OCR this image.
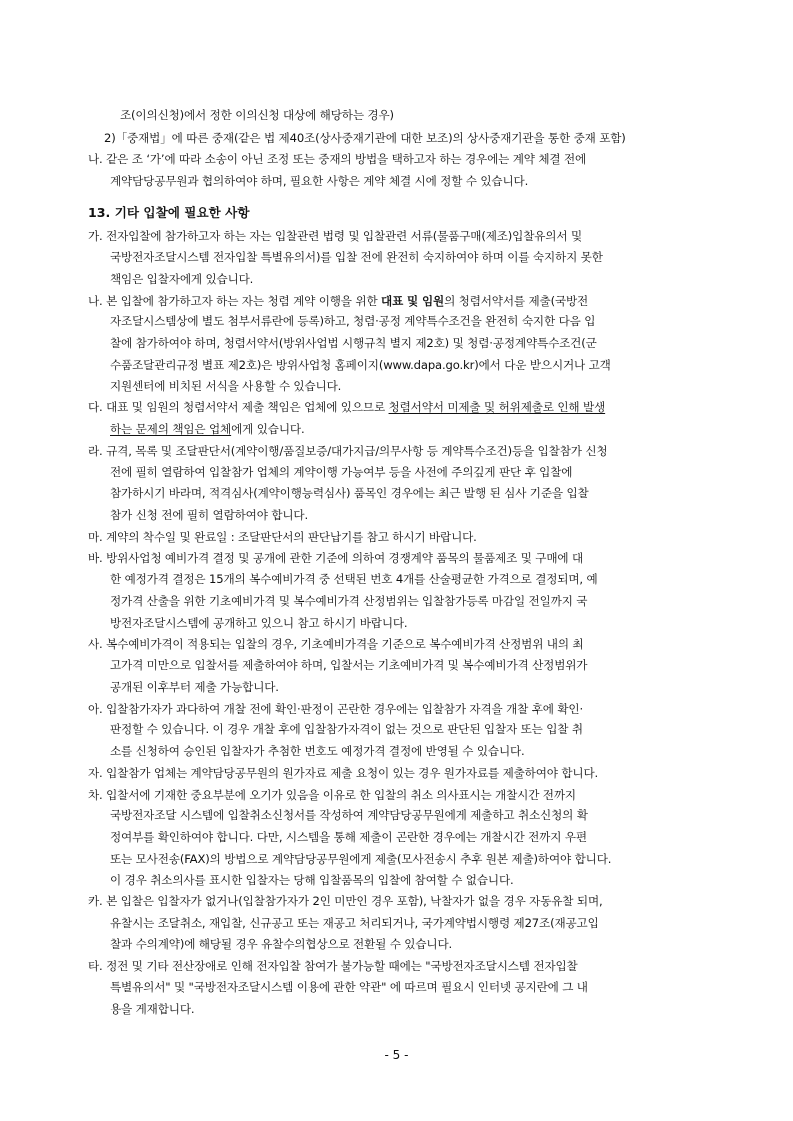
조(이의신청)에서 정한 이의신청 대상에 해당하는 경우)
2)「중재법」에 따른 중재(같은 법 제40조(상사중재기관에 대한 보조)의 상사중재기관을 통한 중재 포함)
나. 같은 조 ‘가’에 따라 소송이 아닌 조정 또는 중재의 방법을 택하고자 하는 경우에는 계약 체결 전에
계약담당공무원과 협의하여야 하며, 필요한 사항은 계약 체결 시에 정할 수 있습니다.
13. 기타 입찰에 필요한 사항
가. 전자입찰에 참가하고자 하는 자는 입찰관련 법령 및 입찰관련 서류(물품구매(제조)입찰유의서 및
국방전자조달시스템 전자입찰 특별유의서)를 입찰 전에 완전히 숙지하여야 하며 이를 숙지하지 못한
책임은 입찰자에게 있습니다.
나. 본 입찰에 참가하고자 하는 자는 청렴 계약 이행을 위한 대표 및 임원의 청렴서약서를 제출(국방전
자조달시스템상에 별도 첨부서류란에 등록)하고, 청렴·공정 계약특수조건을 완전히 숙지한 다음 입
찰에 참가하여야 하며, 청렴서약서(방위사업법 시행규칙 별지 제2호) 및 청렴·공정계약특수조건(군
수품조달관리규정 별표 제2호)은 방위사업청 홈페이지(www.dapa.go.kr)에서 다운 받으시거나 고객
지원센터에 비치된 서식을 사용할 수 있습니다.
다. 대표 및 임원의 청렴서약서 제출 책임은 업체에 있으므로 청렴서약서 미제출 및 허위제출로 인해 발생
하는 문제의 책임은 업체에게 있습니다.
라. 규격, 목록 및 조달판단서(계약이행/품질보증/대가지급/의무사항 등 계약특수조건)등을 입찰참가 신청
전에 필히 열람하여 입찰참가 업체의 계약이행 가능여부 등을 사전에 주의깊게 판단 후 입찰에
참가하시기 바라며, 적격심사(계약이행능력심사) 품목인 경우에는 최근 발행 된 심사 기준을 입찰
참가 신청 전에 필히 열람하여야 합니다.
마. 계약의 착수일 및 완료일 : 조달판단서의 판단납기를 참고 하시기 바랍니다.
바. 방위사업청 예비가격 결정 및 공개에 관한 기준에 의하여 경쟁계약 품목의 물품제조 및 구매에 대
한 예정가격 결정은 15개의 복수예비가격 중 선택된 번호 4개를 산술평균한 가격으로 결정되며, 예
정가격 산출을 위한 기초예비가격 및 복수예비가격 산정범위는 입찰참가등록 마감일 전일까지 국
방전자조달시스템에 공개하고 있으니 참고 하시기 바랍니다.
사. 복수예비가격이 적용되는 입찰의 경우, 기초예비가격을 기준으로 복수예비가격 산정범위 내의 최
고가격 미만으로 입찰서를 제출하여야 하며, 입찰서는 기초예비가격 및 복수예비가격 산정범위가
공개된 이후부터 제출 가능합니다.
아. 입찰참가자가 과다하여 개찰 전에 확인·판정이 곤란한 경우에는 입찰참가 자격을 개찰 후에 확인·
판정할 수 있습니다. 이 경우 개찰 후에 입찰참가자격이 없는 것으로 판단된 입찰자 또는 입찰 취
소를 신청하여 승인된 입찰자가 추첨한 번호도 예정가격 결정에 반영될 수 있습니다.
자. 입찰참가 업체는 계약담당공무원의 원가자료 제출 요청이 있는 경우 원가자료를 제출하여야 합니다.
차. 입찰서에 기재한 중요부분에 오기가 있음을 이유로 한 입찰의 취소 의사표시는 개찰시간 전까지
국방전자조달 시스템에 입찰취소신청서를 작성하여 계약담당공무원에게 제출하고 취소신청의 확
정여부를 확인하여야 합니다. 다만, 시스템을 통해 제출이 곤란한 경우에는 개찰시간 전까지 우편
또는 모사전송(FAX)의 방법으로 계약담당공무원에게 제출(모사전송시 추후 원본 제출)하여야 합니다.
이 경우 취소의사를 표시한 입찰자는 당해 입찰품목의 입찰에 참여할 수 없습니다.
카. 본 입찰은 입찰자가 없거나(입찰참가자가 2인 미만인 경우 포함), 낙찰자가 없을 경우 자동유찰 되며,
유찰시는 조달취소, 재입찰, 신규공고 또는 재공고 처리되거나, 국가계약법시행령 제27조(재공고입
찰과 수의계약)에 해당될 경우 유찰수의협상으로 전환될 수 있습니다.
타. 정전 및 기타 전산장애로 인해 전자입찰 참여가 불가능할 때에는 "국방전자조달시스템 전자입찰
특별유의서" 및 "국방전자조달시스템 이용에 관한 약관" 에 따르며 필요시 인터넷 공지란에 그 내
용을 게재합니다.
- 5 -
